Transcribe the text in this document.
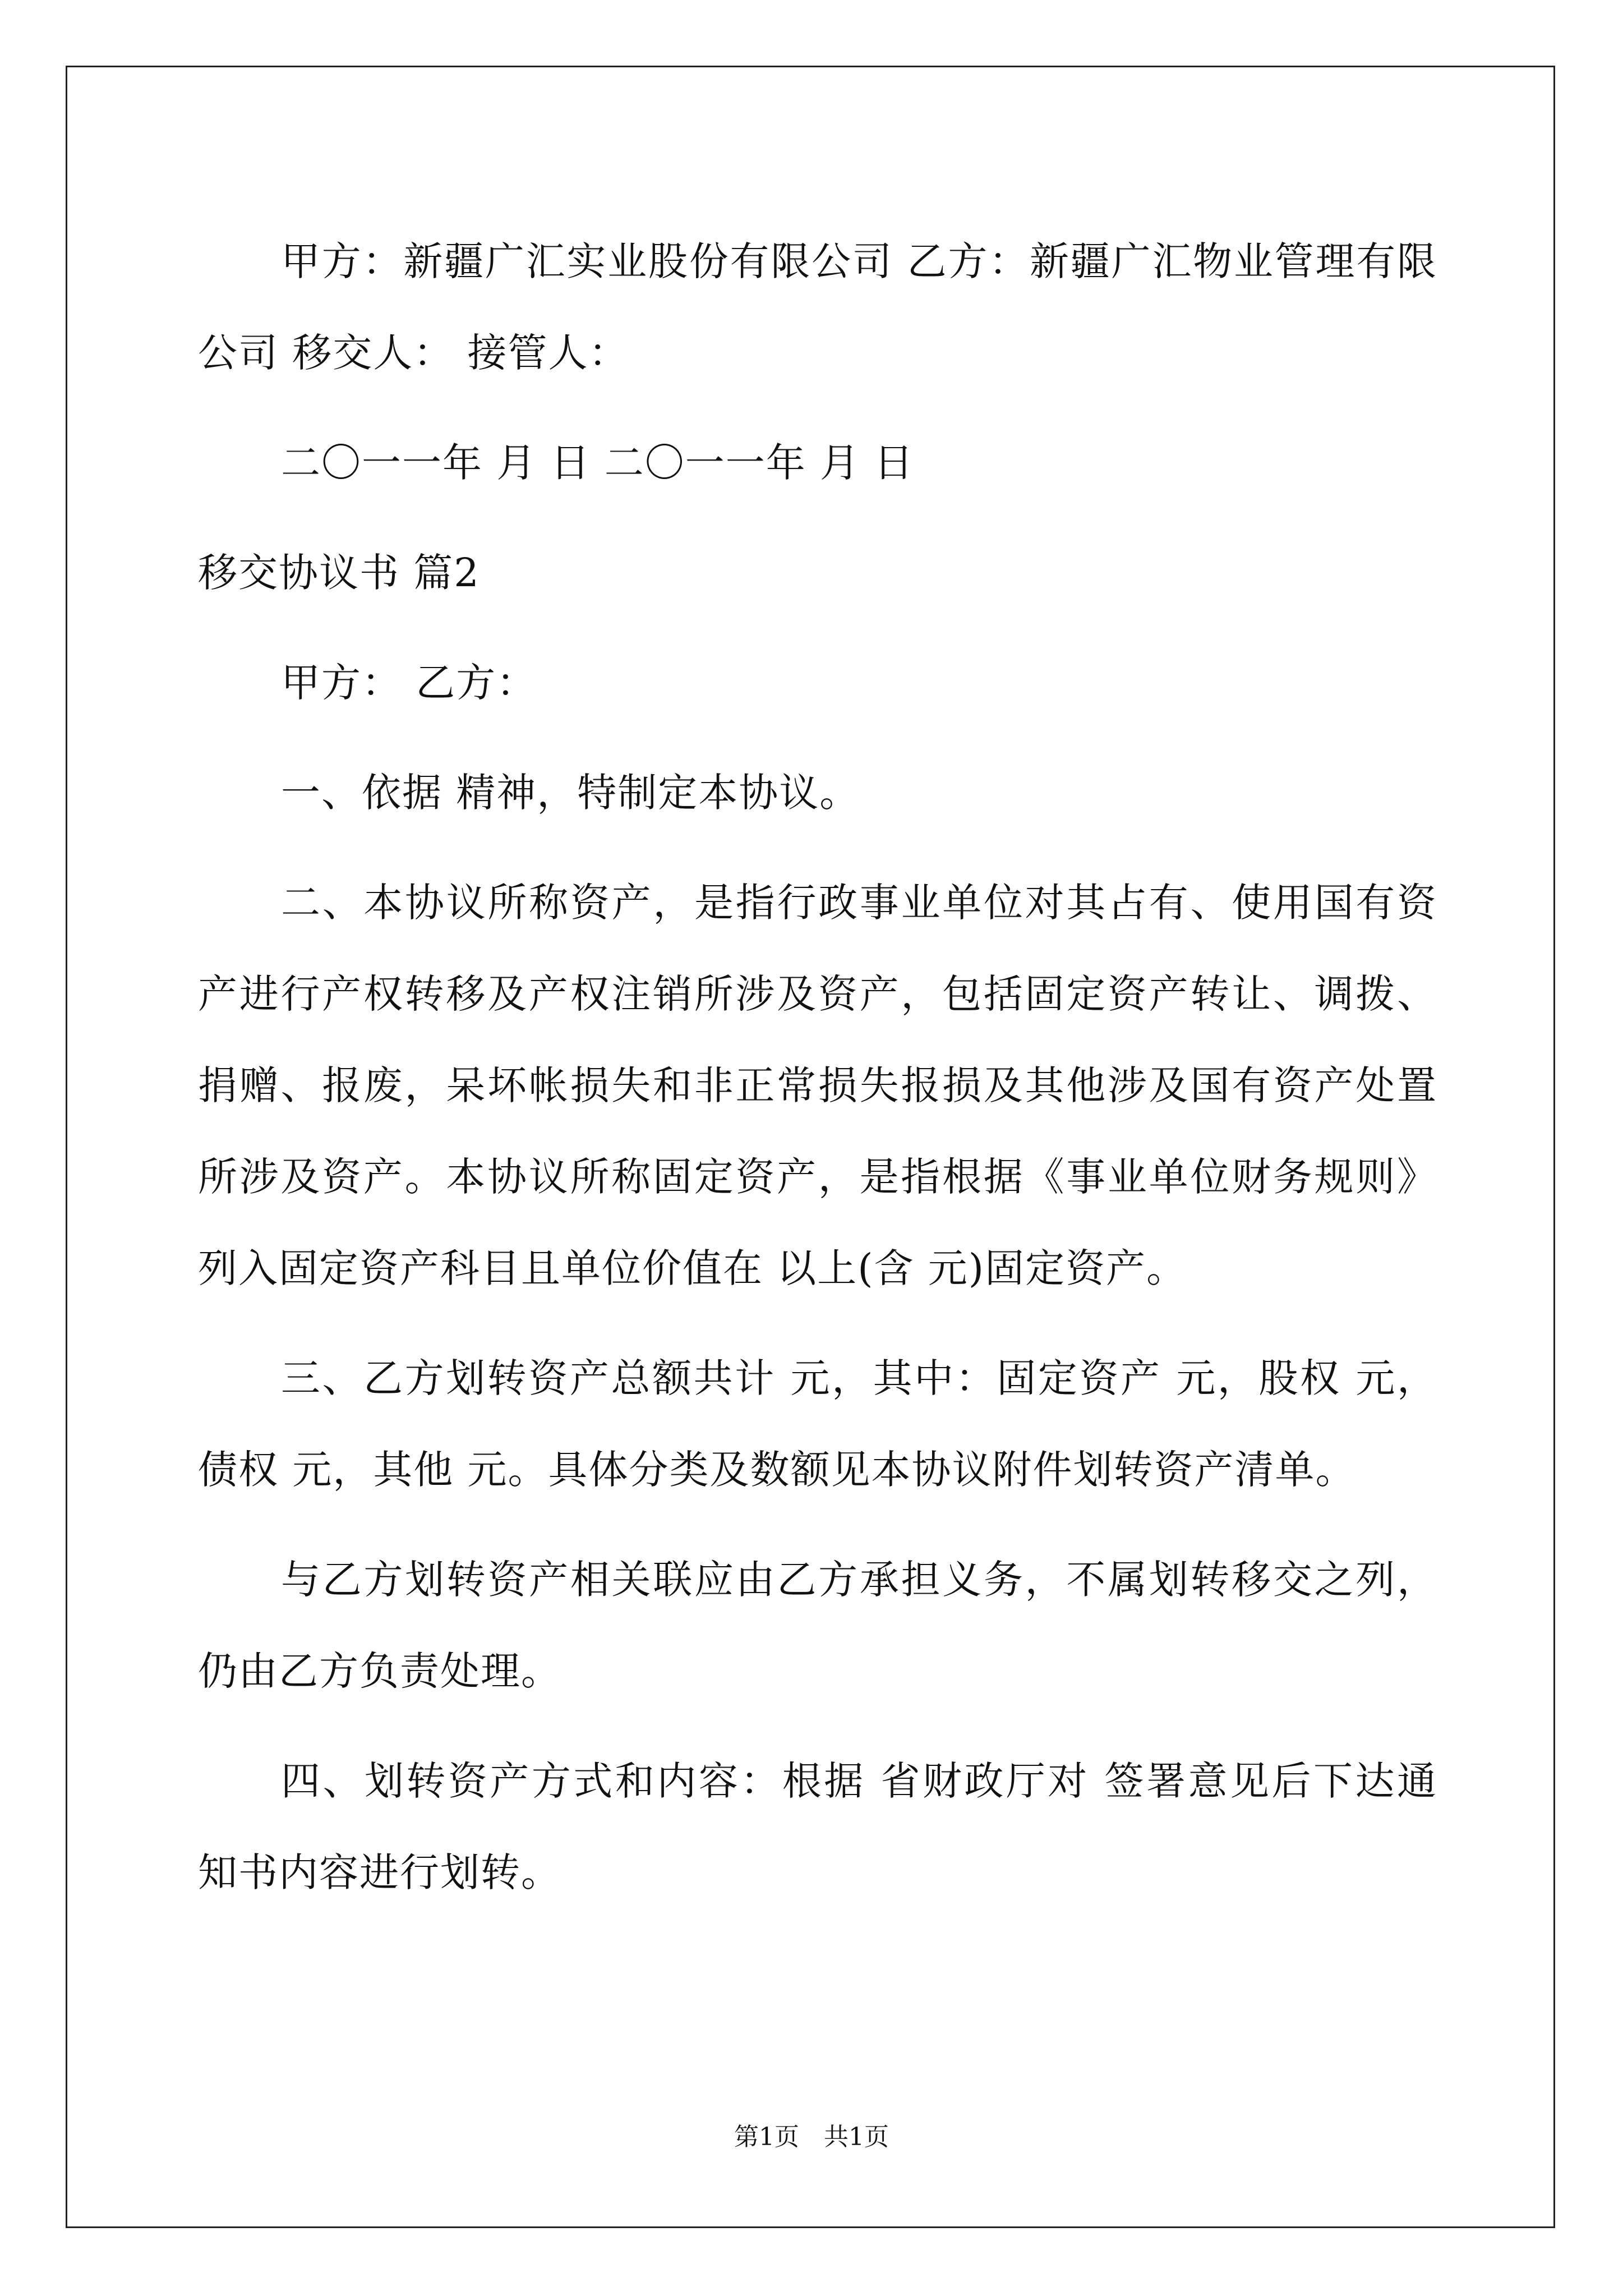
甲方：新疆广汇实业股份有限公司 乙方：新疆广汇物业管理有限公司 移交人： 接管人：

二〇一一年 月 日 二〇一一年 月 日

移交协议书 篇2

甲方： 乙方：

一、依据 精神，特制定本协议。

二、本协议所称资产，是指行政事业单位对其占有、使用国有资产进行产权转移及产权注销所涉及资产，包括固定资产转让、调拨、捐赠、报废，呆坏帐损失和非正常损失报损及其他涉及国有资产处置所涉及资产。本协议所称固定资产，是指根据《事业单位财务规则》列入固定资产科目且单位价值在 以上(含 元)固定资产。

三、乙方划转资产总额共计 元，其中：固定资产 元，股权 元，债权 元，其他 元。具体分类及数额见本协议附件划转资产清单。

与乙方划转资产相关联应由乙方承担义务，不属划转移交之列，仍由乙方负责处理。

四、划转资产方式和内容：根据 省财政厅对 签署意见后下达通知书内容进行划转。

第1页　共1页
